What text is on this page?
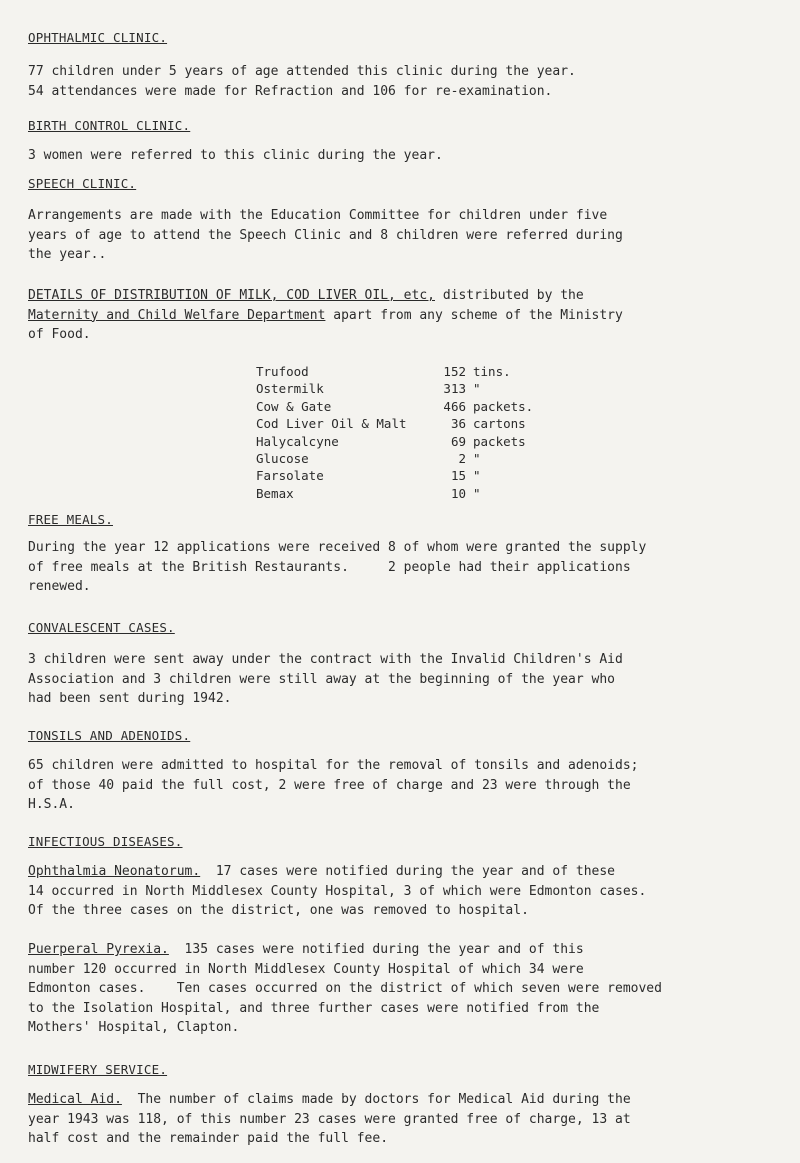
OPHTHALMIC CLINIC.

77 children under 5 years of age attended this clinic during the year.
54 attendances were made for Refraction and 106 for re-examination.

BIRTH CONTROL CLINIC.

3 women were referred to this clinic during the year.

SPEECH CLINIC.

Arrangements are made with the Education Committee for children under five
years of age to attend the Speech Clinic and 8 children were referred during
the year..

DETAILS OF DISTRIBUTION OF MILK, COD LIVER OIL, etc, distributed by the
Maternity and Child Welfare Department apart from any scheme of the Ministry
of Food.

Trufood	152 tins.
Ostermilk	313 "
Cow & Gate	466 packets.
Cod Liver Oil & Malt	36 cartons
Halycalcyne	69 packets
Glucose	2 "
Farsolate	15 "
Bemax	10 "
FREE MEALS.

During the year 12 applications were received 8 of whom were granted the supply
of free meals at the British Restaurants.     2 people had their applications
renewed.

CONVALESCENT CASES.

3 children were sent away under the contract with the Invalid Children's Aid
Association and 3 children were still away at the beginning of the year who
had been sent during 1942.

TONSILS AND ADENOIDS.

65 children were admitted to hospital for the removal of tonsils and adenoids;
of those 40 paid the full cost, 2 were free of charge and 23 were through the
H.S.A.

INFECTIOUS DISEASES.

Ophthalmia Neonatorum.  17 cases were notified during the year and of these
14 occurred in North Middlesex County Hospital, 3 of which were Edmonton cases.
Of the three cases on the district, one was removed to hospital.

Puerperal Pyrexia.  135 cases were notified during the year and of this
number 120 occurred in North Middlesex County Hospital of which 34 were
Edmonton cases.    Ten cases occurred on the district of which seven were removed
to the Isolation Hospital, and three further cases were notified from the
Mothers' Hospital, Clapton.

MIDWIFERY SERVICE.

Medical Aid.  The number of claims made by doctors for Medical Aid during the
year 1943 was 118, of this number 23 cases were granted free of charge, 13 at
half cost and the remainder paid the full fee.
